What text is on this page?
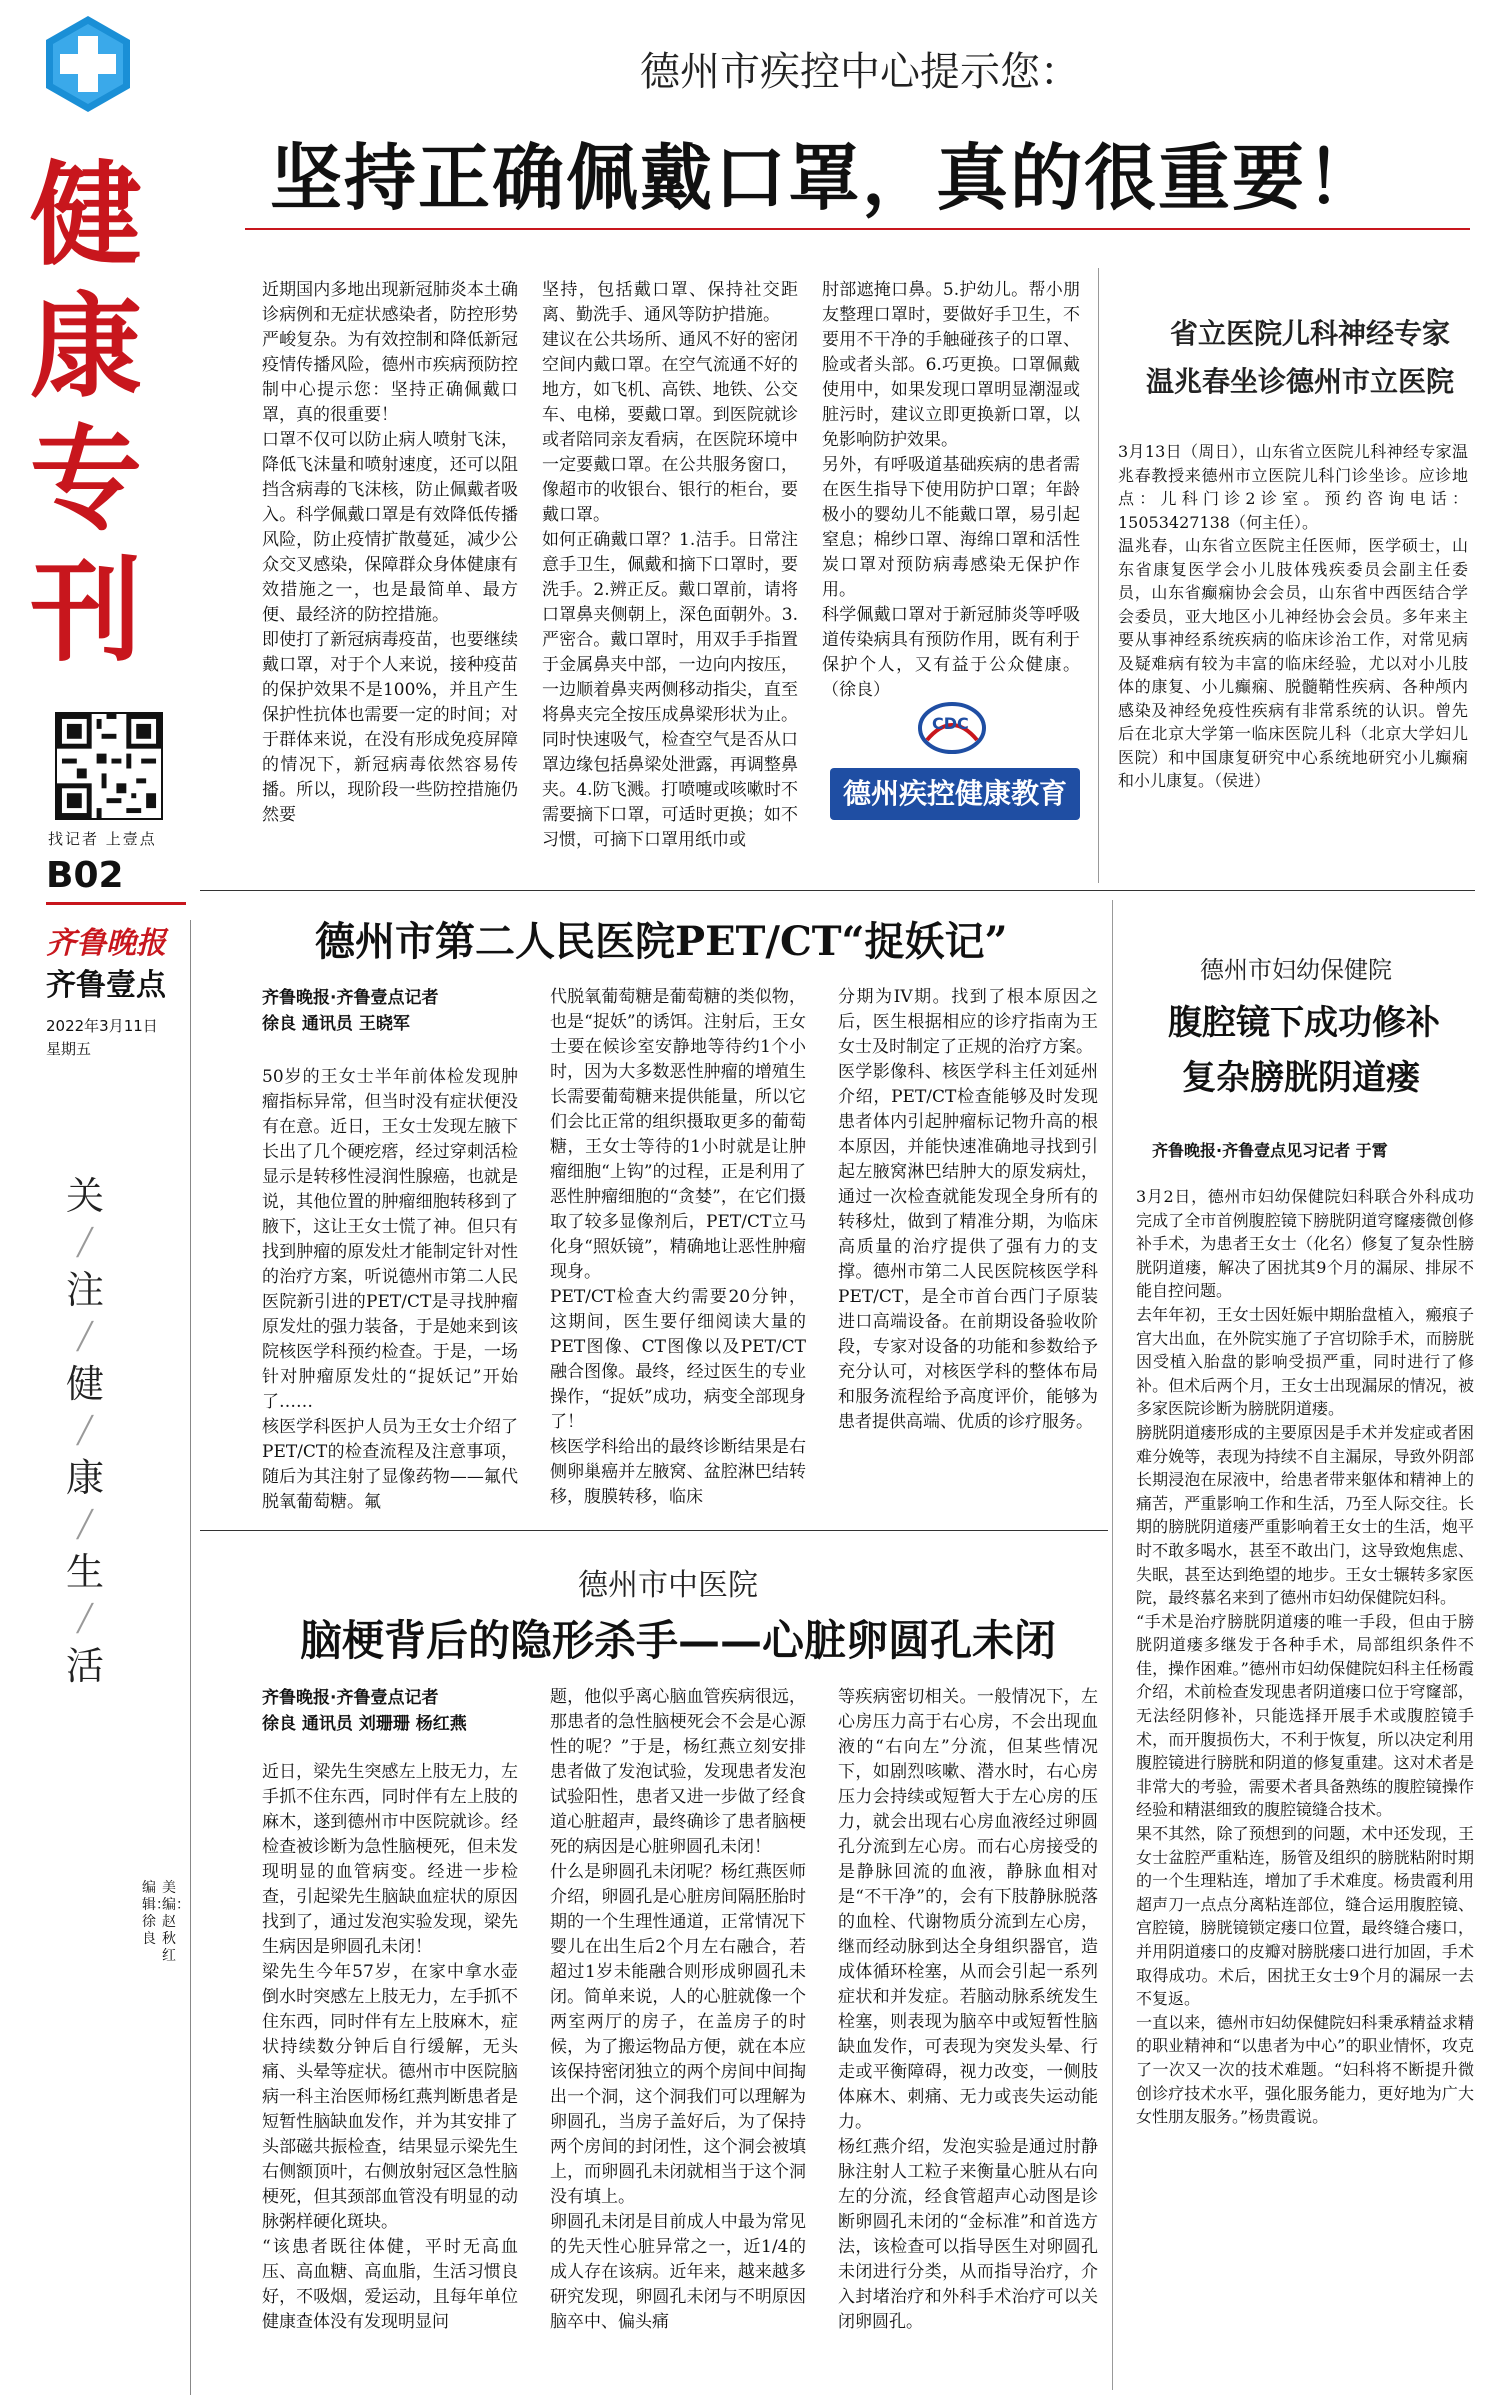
健康专刊
找记者 上壹点
B02
齐鲁晚报
齐鲁壹点
2022年3月11日
星期五
关
╱
注
╱
健
╱
康
╱
生
╱
活
美编：赵秋红
编辑：徐良
德州市疾控中心提示您：
坚持正确佩戴口罩，真的很重要！
近期国内多地出现新冠肺炎本土确诊病例和无症状感染者，防控形势严峻复杂。为有效控制和降低新冠疫情传播风险，德州市疾病预防控制中心提示您：坚持正确佩戴口罩，真的很重要！
口罩不仅可以防止病人喷射飞沫，降低飞沫量和喷射速度，还可以阻挡含病毒的飞沫核，防止佩戴者吸入。科学佩戴口罩是有效降低传播风险，防止疫情扩散蔓延，减少公众交叉感染，保障群众身体健康有效措施之一，也是最简单、最方便、最经济的防控措施。
即使打了新冠病毒疫苗，也要继续戴口罩，对于个人来说，接种疫苗的保护效果不是100%，并且产生保护性抗体也需要一定的时间；对于群体来说，在没有形成免疫屏障的情况下，新冠病毒依然容易传播。所以，现阶段一些防控措施仍然要
坚持，包括戴口罩、保持社交距离、勤洗手、通风等防护措施。
建议在公共场所、通风不好的密闭空间内戴口罩。在空气流通不好的地方，如飞机、高铁、地铁、公交车、电梯，要戴口罩。到医院就诊或者陪同亲友看病，在医院环境中一定要戴口罩。在公共服务窗口，像超市的收银台、银行的柜台，要戴口罩。
如何正确戴口罩？1.洁手。日常注意手卫生，佩戴和摘下口罩时，要洗手。2.辨正反。戴口罩前，请将口罩鼻夹侧朝上，深色面朝外。3.严密合。戴口罩时，用双手手指置于金属鼻夹中部，一边向内按压，一边顺着鼻夹两侧移动指尖，直至将鼻夹完全按压成鼻梁形状为止。同时快速吸气，检查空气是否从口罩边缘包括鼻梁处泄露，再调整鼻夹。4.防飞溅。打喷嚏或咳嗽时不需要摘下口罩，可适时更换；如不习惯，可摘下口罩用纸巾或
肘部遮掩口鼻。5.护幼儿。帮小朋友整理口罩时，要做好手卫生，不要用不干净的手触碰孩子的口罩、脸或者头部。6.巧更换。口罩佩戴使用中，如果发现口罩明显潮湿或脏污时，建议立即更换新口罩，以免影响防护效果。
另外，有呼吸道基础疾病的患者需在医生指导下使用防护口罩；年龄极小的婴幼儿不能戴口罩，易引起窒息；棉纱口罩、海绵口罩和活性炭口罩对预防病毒感染无保护作用。
科学佩戴口罩对于新冠肺炎等呼吸道传染病具有预防作用，既有利于保护个人，又有益于公众健康。（徐良）
CDC
德州疾控健康教育
省立医院儿科神经专家
温兆春坐诊德州市立医院
3月13日（周日），山东省立医院儿科神经专家温兆春教授来德州市立医院儿科门诊坐诊。应诊地点：儿科门诊2诊室。预约咨询电话：15053427138（何主任）。
温兆春，山东省立医院主任医师，医学硕士，山东省康复医学会小儿肢体残疾委员会副主任委员，山东省癫痫协会会员，山东省中西医结合学会委员，亚大地区小儿神经协会会员。多年来主要从事神经系统疾病的临床诊治工作，对常见病及疑难病有较为丰富的临床经验，尤以对小儿肢体的康复、小儿癫痫、脱髓鞘性疾病、各种颅内感染及神经免疫性疾病有非常系统的认识。曾先后在北京大学第一临床医院儿科（北京大学妇儿医院）和中国康复研究中心系统地研究小儿癫痫和小儿康复。（侯进）
德州市第二人民医院PET/CT“捉妖记”
齐鲁晚报·齐鲁壹点记者
徐良 通讯员 王晓军
50岁的王女士半年前体检发现肿瘤指标异常，但当时没有症状便没有在意。近日，王女士发现左腋下长出了几个硬疙瘩，经过穿刺活检显示是转移性浸润性腺癌，也就是说，其他位置的肿瘤细胞转移到了腋下，这让王女士慌了神。但只有找到肿瘤的原发灶才能制定针对性的治疗方案，听说德州市第二人民医院新引进的PET/CT是寻找肿瘤原发灶的强力装备，于是她来到该院核医学科预约检查。于是，一场针对肿瘤原发灶的“捉妖记”开始了……
核医学科医护人员为王女士介绍了PET/CT的检查流程及注意事项，随后为其注射了显像药物——氟代脱氧葡萄糖。氟
代脱氧葡萄糖是葡萄糖的类似物，也是“捉妖”的诱饵。注射后，王女士要在候诊室安静地等待约1个小时，因为大多数恶性肿瘤的增殖生长需要葡萄糖来提供能量，所以它们会比正常的组织摄取更多的葡萄糖，王女士等待的1小时就是让肿瘤细胞“上钩”的过程，正是利用了恶性肿瘤细胞的“贪婪”，在它们摄取了较多显像剂后，PET/CT立马化身“照妖镜”，精确地让恶性肿瘤现身。
PET/CT检查大约需要20分钟，这期间，医生要仔细阅读大量的PET图像、CT图像以及PET/CT融合图像。最终，经过医生的专业操作，“捉妖”成功，病变全部现身了！
核医学科给出的最终诊断结果是右侧卵巢癌并左腋窝、盆腔淋巴结转移，腹膜转移，临床
分期为IV期。找到了根本原因之后，医生根据相应的诊疗指南为王女士及时制定了正规的治疗方案。
医学影像科、核医学科主任刘延州介绍，PET/CT检查能够及时发现患者体内引起肿瘤标记物升高的根本原因，并能快速准确地寻找到引起左腋窝淋巴结肿大的原发病灶，通过一次检查就能发现全身所有的转移灶，做到了精准分期，为临床高质量的治疗提供了强有力的支撑。德州市第二人民医院核医学科PET/CT，是全市首台西门子原装进口高端设备。在前期设备验收阶段，专家对设备的功能和参数给予充分认可，对核医学科的整体布局和服务流程给予高度评价，能够为患者提供高端、优质的诊疗服务。
德州市中医院
脑梗背后的隐形杀手——心脏卵圆孔未闭
齐鲁晚报·齐鲁壹点记者
徐良 通讯员 刘珊珊 杨红燕
近日，梁先生突感左上肢无力，左手抓不住东西，同时伴有左上肢的麻木，遂到德州市中医院就诊。经检查被诊断为急性脑梗死，但未发现明显的血管病变。经进一步检查，引起梁先生脑缺血症状的原因找到了，通过发泡实验发现，梁先生病因是卵圆孔未闭！
梁先生今年57岁，在家中拿水壶倒水时突感左上肢无力，左手抓不住东西，同时伴有左上肢麻木，症状持续数分钟后自行缓解，无头痛、头晕等症状。德州市中医院脑病一科主治医师杨红燕判断患者是短暂性脑缺血发作，并为其安排了头部磁共振检查，结果显示梁先生右侧额顶叶，右侧放射冠区急性脑梗死，但其颈部血管没有明显的动脉粥样硬化斑块。
“该患者既往体健，平时无高血压、高血糖、高血脂，生活习惯良好，不吸烟，爱运动，且每年单位健康查体没有发现明显问
题，他似乎离心脑血管疾病很远，那患者的急性脑梗死会不会是心源性的呢？”于是，杨红燕立刻安排患者做了发泡试验，发现患者发泡试验阳性，患者又进一步做了经食道心脏超声，最终确诊了患者脑梗死的病因是心脏卵圆孔未闭！
什么是卵圆孔未闭呢？杨红燕医师介绍，卵圆孔是心脏房间隔胚胎时期的一个生理性通道，正常情况下婴儿在出生后2个月左右融合，若超过1岁未能融合则形成卵圆孔未闭。简单来说，人的心脏就像一个两室两厅的房子，在盖房子的时候，为了搬运物品方便，就在本应该保持密闭独立的两个房间中间掏出一个洞，这个洞我们可以理解为卵圆孔，当房子盖好后，为了保持两个房间的封闭性，这个洞会被填上，而卵圆孔未闭就相当于这个洞没有填上。
卵圆孔未闭是目前成人中最为常见的先天性心脏异常之一，近1/4的成人存在该病。近年来，越来越多研究发现，卵圆孔未闭与不明原因脑卒中、偏头痛
等疾病密切相关。一般情况下，左心房压力高于右心房，不会出现血液的“右向左”分流，但某些情况下，如剧烈咳嗽、潜水时，右心房压力会持续或短暂大于左心房的压力，就会出现右心房血液经过卵圆孔分流到左心房。而右心房接受的是静脉回流的血液，静脉血相对是“不干净”的，会有下肢静脉脱落的血栓、代谢物质分流到左心房，继而经动脉到达全身组织器官，造成体循环栓塞，从而会引起一系列症状和并发症。若脑动脉系统发生栓塞，则表现为脑卒中或短暂性脑缺血发作，可表现为突发头晕、行走或平衡障碍，视力改变，一侧肢体麻木、刺痛、无力或丧失运动能力。
杨红燕介绍，发泡实验是通过肘静脉注射人工粒子来衡量心脏从右向左的分流，经食管超声心动图是诊断卵圆孔未闭的“金标准”和首选方法，该检查可以指导医生对卵圆孔未闭进行分类，从而指导治疗，介入封堵治疗和外科手术治疗可以关闭卵圆孔。
德州市妇幼保健院
腹腔镜下成功修补
复杂膀胱阴道瘘
齐鲁晚报·齐鲁壹点见习记者 于霄
3月2日，德州市妇幼保健院妇科联合外科成功完成了全市首例腹腔镜下膀胱阴道穹窿瘘微创修补手术，为患者王女士（化名）修复了复杂性膀胱阴道瘘，解决了困扰其9个月的漏尿、排尿不能自控问题。
去年年初，王女士因妊娠中期胎盘植入，瘢痕子宫大出血，在外院实施了子宫切除手术，而膀胱因受植入胎盘的影响受损严重，同时进行了修补。但术后两个月，王女士出现漏尿的情况，被多家医院诊断为膀胱阴道瘘。
膀胱阴道瘘形成的主要原因是手术并发症或者困难分娩等，表现为持续不自主漏尿，导致外阴部长期浸泡在尿液中，给患者带来躯体和精神上的痛苦，严重影响工作和生活，乃至人际交往。长期的膀胱阴道瘘严重影响着王女士的生活，炮平时不敢多喝水，甚至不敢出门，这导致炮焦虑、失眠，甚至达到绝望的地步。王女士辗转多家医院，最终慕名来到了德州市妇幼保健院妇科。
“手术是治疗膀胱阴道瘘的唯一手段，但由于膀胱阴道瘘多继发于各种手术，局部组织条件不佳，操作困难。”德州市妇幼保健院妇科主任杨霞介绍，术前检查发现患者阴道瘘口位于穹窿部，无法经阴修补，只能选择开展手术或腹腔镜手术，而开腹损伤大，不利于恢复，所以决定利用腹腔镜进行膀胱和阴道的修复重建。这对术者是非常大的考验，需要术者具备熟练的腹腔镜操作经验和精湛细致的腹腔镜缝合技术。
果不其然，除了预想到的问题，术中还发现，王女士盆腔严重粘连，肠管及组织的膀胱粘附时期的一个生理粘连，增加了手术难度。杨贵霞利用超声刀一点点分离粘连部位，缝合运用腹腔镜、宫腔镜，膀胱镜锁定瘘口位置，最终缝合瘘口，并用阴道瘘口的皮瓣对膀胱瘘口进行加固，手术取得成功。术后，困扰王女士9个月的漏尿一去不复返。
一直以来，德州市妇幼保健院妇科秉承精益求精的职业精神和“以患者为中心”的职业情怀，攻克了一次又一次的技术难题。“妇科将不断提升微创诊疗技术水平，强化服务能力，更好地为广大女性朋友服务。”杨贵霞说。
